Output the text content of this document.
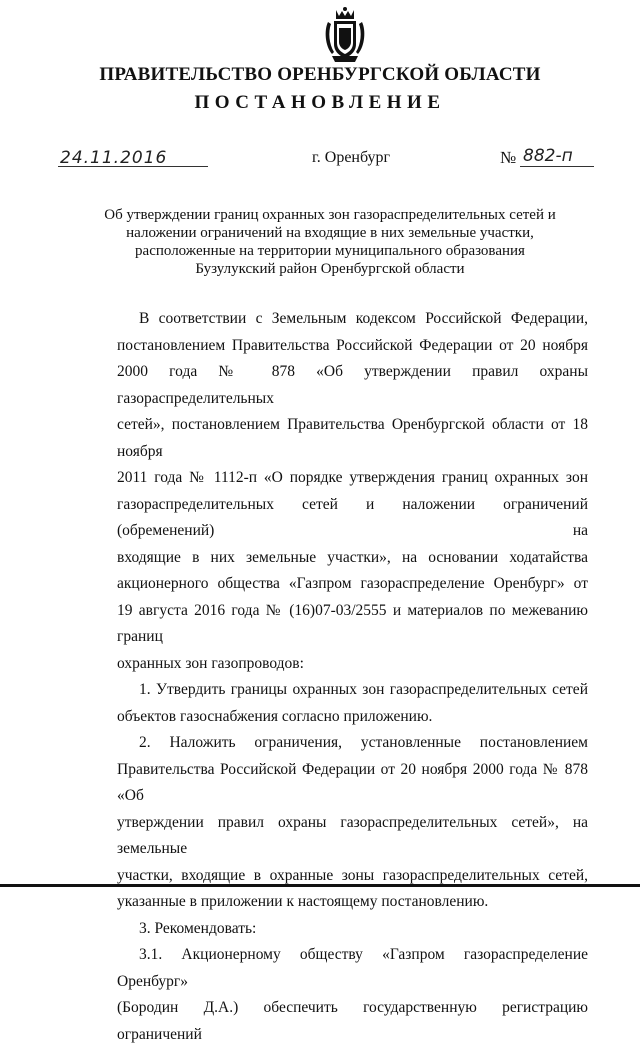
ПРАВИТЕЛЬСТВО ОРЕНБУРГСКОЙ ОБЛАСТИ
ПОСТАНОВЛЕНИЕ
24.11.2016	г. Оренбург	№ 882-п
Об утверждении границ охранных зон газораспределительных сетей и наложении ограничений на входящие в них земельные участки, расположенные на территории муниципального образования Бузулукский район Оренбургской области
В соответствии с Земельным кодексом Российской Федерации,
постановлением Правительства Российской Федерации от 20 ноября
2000 года № 878 «Об утверждении правил охраны газораспределительных
сетей», постановлением Правительства Оренбургской области от 18 ноября
2011 года № 1112-п «О порядке утверждения границ охранных зон
газораспределительных сетей и наложении ограничений (обременений) на
входящие в них земельные участки», на основании ходатайства
акционерного общества «Газпром газораспределение Оренбург» от
19 августа 2016 года № (16)07-03/2555 и материалов по межеванию границ
охранных зон газопроводов:
1. Утвердить границы охранных зон газораспределительных сетей
объектов газоснабжения согласно приложению.
2. Наложить ограничения, установленные постановлением
Правительства Российской Федерации от 20 ноября 2000 года № 878 «Об
утверждении правил охраны газораспределительных сетей», на земельные
участки, входящие в охранные зоны газораспределительных сетей,
указанные в приложении к настоящему постановлению.
3. Рекомендовать:
3.1. Акционерному обществу «Газпром газораспределение Оренбург»
(Бородин Д.А.) обеспечить государственную регистрацию ограничений
